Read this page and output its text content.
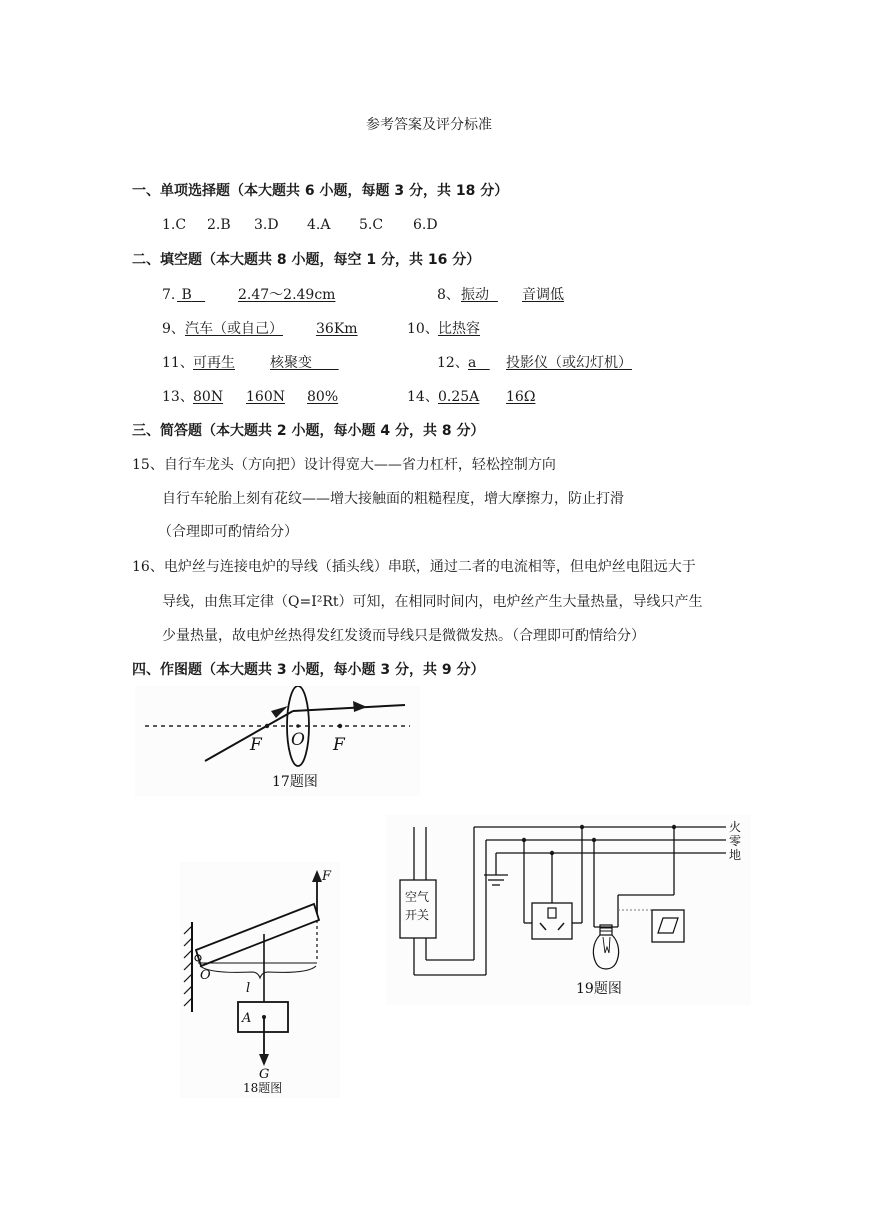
参考答案及评分标准
一、单项选择题（本大题共 6 小题，每题 3 分，共 18 分）
1.C 2.B 3.D 4.A 5.C 6.D
二、填空题（本大题共 8 小题，每空 1 分，共 16 分）
7. B	2.47～2.49cm	8、 振动	音调低
9、 汽车（或自己） 36Km	10、 比热容
11、 可再生	核聚变	12、 a	投影仪（或幻灯机）
13、 80N 160N 80%	14、 0.25A 16Ω
三、简答题（本大题共 2 小题，每小题 4 分，共 8 分）
15、自行车龙头（方向把）设计得宽大——省力杠杆，轻松控制方向
自行车轮胎上刻有花纹——增大接触面的粗糙程度，增大摩擦力，防止打滑
（合理即可酌情给分）
16、电炉丝与连接电炉的导线（插头线）串联，通过二者的电流相等，但电炉丝电阻远大于
导线，由焦耳定律（Q=I²Rt）可知，在相同时间内，电炉丝产生大量热量，导线只产生
少量热量，故电炉丝热得发红发烫而导线只是微微发热。（合理即可酌情给分）
四、作图题（本大题共 3 小题，每小题 3 分，共 9 分）
F O F
17题图
F
O
l
A
G
18题图
火
零
地
空气
开关
19题图
